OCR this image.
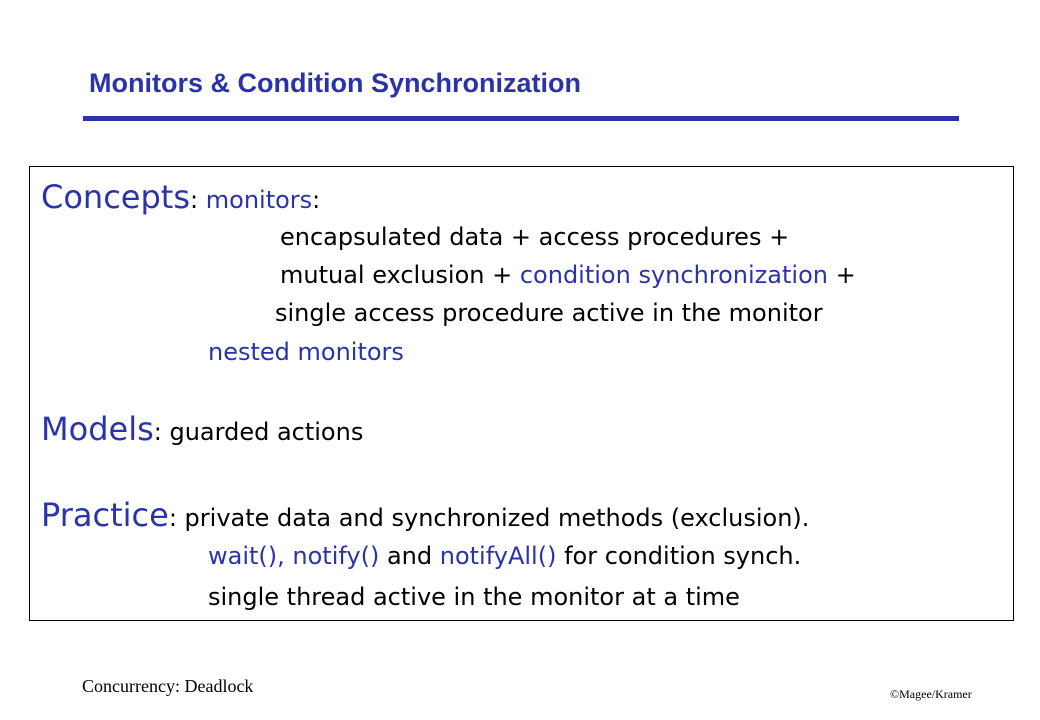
Monitors & Condition Synchronization
Concepts: monitors:
encapsulated data + access procedures +
mutual exclusion + condition synchronization +
single access procedure active in the monitor
nested monitors
Models: guarded actions
Practice: private data and synchronized methods (exclusion).
wait(), notify() and notifyAll() for condition synch.
single thread active in the monitor at a time
Concurrency: Deadlock	©Magee/Kramer
